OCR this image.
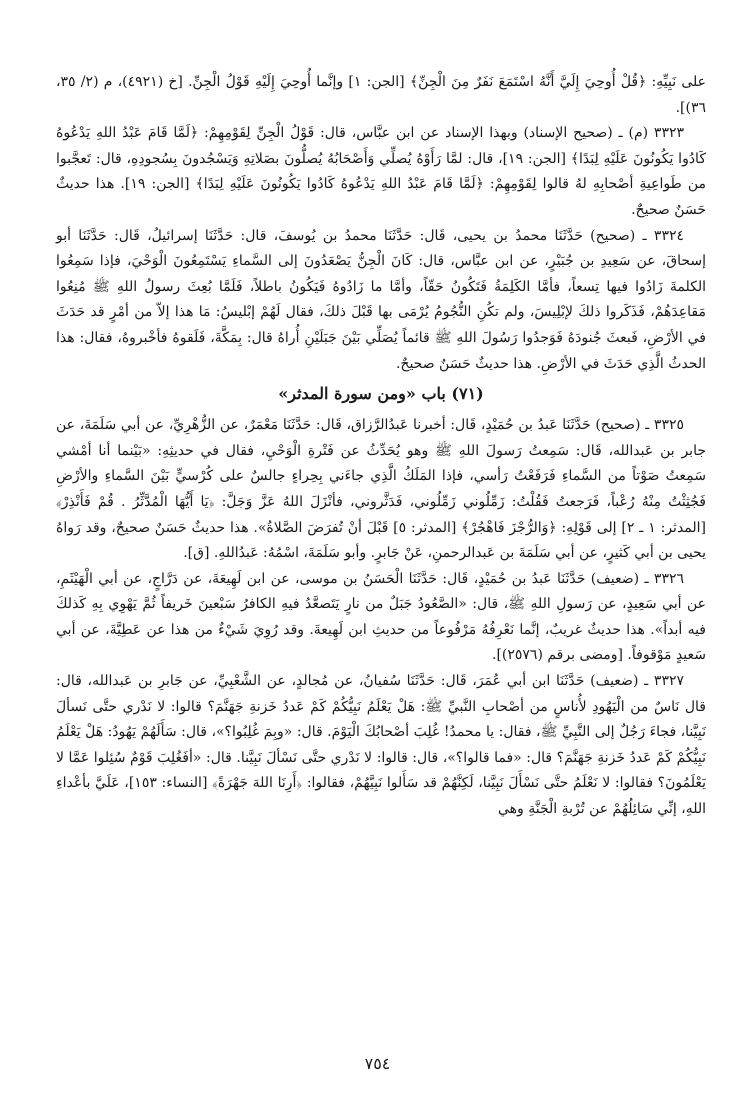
على نَبِيِّهِ: ﴿قُلْ أُوحِيَ إِلَيَّ أَنَّهُ اسْتَمَعَ نَفَرٌ مِنَ الْجِنِّ﴾ [الجن: ١] وإنَّما أُوحِيَ إِلَيْهِ قَوْلُ الْجِنِّ. [خ (٤٩٢١)، م (٢/ ٣٥، ٣٦)].

٣٣٢٣ (م) ـ (صحيح الإسناد) وبهذا الإسناد عن ابن عبَّاس، قال: قَوْلُ الْجِنِّ لِقَوْمِهِمْ: ﴿لَمَّا قَامَ عَبْدُ اللهِ يَدْعُوهُ كَادُوا يَكُونُونَ عَلَيْهِ لِبَدًا﴾ [الجن: ١٩]، قال: لمَّا رَأَوْهُ يُصلِّي وَأَصْحَابُهُ يُصلُّونَ بصَلاتِهِ وَيَسْجُدونَ بِسُجودِهِ، قال: تَعجَّبوا من طَواعِيةِ أصْحابِهِ لهُ قالوا لِقَوْمِهِمْ: ﴿لَمَّا قَامَ عَبْدُ اللهِ يَدْعُوهُ كَادُوا يَكُونُونَ عَلَيْهِ لِبَدًا﴾ [الجن: ١٩]. هذا حديثٌ حَسَنٌ صحيحٌ.

٣٣٢٤ ـ (صحيح) حَدَّثَنَا محمدُ بن يحيى، قَال: حَدَّثَنَا محمدُ بن يُوسفَ، قال: حَدَّثَنَا إسرائيلُ، قَال: حَدَّثَنَا أبو إسحاقَ، عن سَعِيدِ بن جُبَيْرٍ، عن ابن عبَّاس، قال: كَانَ الْجِنُّ يَصْعَدُونَ إلى السَّماءِ يَسْتَمِعُونَ الْوَحْيَ، فإذا سَمِعُوا الكلمةَ زَادُوا فيها تِسعاً، فأمَّا الكَلِمَةُ فَتَكُونُ حَقّاً، وأمَّا ما زَادُوهُ فَيَكُونُ باطلاً، فَلَمَّا بُعِثَ رسولُ اللهِ ﷺ مُنِعُوا مَقاعِدَهُمْ، فَذَكَروا ذلكَ لإبْلِيسَ، ولم تكُنِ النُّجُومُ يُرْمَى بها قَبْلَ ذلكَ، فقال لَهُمْ إبْليسُ: مَا هذا إلاّ من أمْرٍ قد حَدَثَ في الأرْضِ، فَبعثَ جُنودَهُ فَوَجدُوا رَسُولَ اللهِ ﷺ قائماً يُصَلِّي بَيْنَ جَبَلَيْنِ أُراهُ قال: بِمَكَّةَ، فَلَقوهُ فأخْبروهُ، فقال: هذا الحدثُ الَّذِي حَدَثَ في الأرْضِ. هذا حديثٌ حَسَنٌ صحيحٌ.

(٧١) باب «ومن سورة المدثر»

٣٣٢٥ ـ (صحيح) حَدَّثَنَا عَبدُ بن حُمَيْدٍ، قَال: أخبرنا عَبدُالرَّزاق، قَال: حَدَّثَنَا مَعْمَرٌ، عن الزُّهْرِيِّ، عن أبي سَلَمَةَ، عن جابر بن عَبدالله، قَال: سَمِعتُ رَسولَ اللهِ ﷺ وهو يُحَدِّثُ عن فَتْرةِ الْوَحْيِ، فقال في حديثِهِ: «بَيْنما أنا أمْشي سَمِعتُ صَوْتاً من السَّماءِ فَرَفَعْتُ رَأسي، فإذا المَلَكُ الَّذِي جاءَني بِحِراءٍ جالسٌ على كُرْسيٍّ بَيْنَ السَّماءِ والأرْضِ فَجُثِثْتُ مِنْهُ رُعْباً، فَرَجعتُ فَقُلْتُ: زَمِّلُوني زَمِّلُوني، فَدَثَّروني، فأنْزَلَ اللهُ عَزَّ وَجَلَّ: ﴿يَا أَيُّهَا الْمُدَّثِّرُ . قُمْ فَأَنْذِرْ﴾ [المدثر: ١ ـ ٢] إلى قَوْلِهِ: ﴿وَالرُّجْزَ فَاهْجُرْ﴾ [المدثر: ٥] قَبْلَ أنْ تُفرَضَ الصَّلاةُ». هذا حديثٌ حَسَنٌ صحيحٌ، وقد رَواهُ يحيى بن أبي كَثيرٍ، عن أبي سَلَمَةَ بن عَبدالرحمنِ، عَنْ جَابرٍ. وأبو سَلَمَةَ، اسْمُهُ: عَبدُاللهِ. [ق].

٣٣٢٦ ـ (ضعيف) حَدَّثَنَا عَبدُ بن حُمَيْدٍ، قَال: حَدَّثَنَا الْحَسَنُ بن موسى، عن ابن لَهِيعَةَ، عن دَرَّاجٍ، عن أبي الْهَيْثَمِ، عن أبي سَعِيدٍ، عن رَسولِ اللهِ ﷺ، قال: «الصَّعُودُ جَبَلٌ من نارٍ يَتَصعَّدُ فيهِ الكافرُ سَبْعينَ خَريفاً ثُمَّ يَهْوِي بِهِ كَذلكَ فيه أبداً». هذا حديثٌ غريبٌ، إنَّما نَعْرِفُهُ مَرْفُوعاً من حديثِ ابن لَهِيعةَ. وقد رُوِيَ شَيْءٌ من هذا عن عَطِيَّةَ، عن أبي سَعيدٍ مَوْقوفاً. [ومضى برقم (٢٥٧٦)].

٣٣٢٧ ـ (ضعيف) حَدَّثَنَا ابن أبي عُمَرَ، قَال: حَدَّثَنَا سُفيانُ، عن مُجالدٍ، عن الشَّعْبِيِّ، عن جَابرِ بن عَبدالله، قال: قال نَاسٌ من الْيَهُودِ لأُناسٍ من أصْحابِ النَّبيِّ ﷺ: هَلْ يَعْلَمُ نَبِيُّكُمْ كَمْ عَددُ خَزنةِ جَهَنَّمَ؟ قالوا: لا نَدْري حتَّى نَسألَ نَبِيَّنا، فجاءَ رَجُلٌ إلى النَّبِيِّ ﷺ، فقال: يا محمدُ! غُلِبَ أصْحابُكَ الْيَوْمَ. قال: «وبِمَ غُلِبُوا؟»، قال: سَأَلَهُمْ يَهُودُ: هَلْ يَعْلَمُ نَبِيُّكُمْ كَمْ عَددُ خَزنةِ جَهَنَّمَ؟ قال: «فما قالوا؟»، قال: قالوا: لا نَدْري حتَّى نَسْألَ نَبِيَّنا. قال: «أفَغُلِبَ قَوْمٌ سُئِلوا عَمَّا لا يَعْلَمُونَ؟ فقالوا: لا نَعْلَمُ حتَّى نَسْأَلَ نَبِيَّنا، لَكِنَّهُمْ قد سَأَلوا نَبِيَّهُمْ، فقالوا: ﴿أَرِنَا اللهَ جَهْرَةً﴾ [النساء: ١٥٣]، عَلَيَّ بأعْداءِ اللهِ، إنِّي سَائِلُهُمْ عن تُرْبةِ الْجَنَّةِ وهي

٧٥٤
